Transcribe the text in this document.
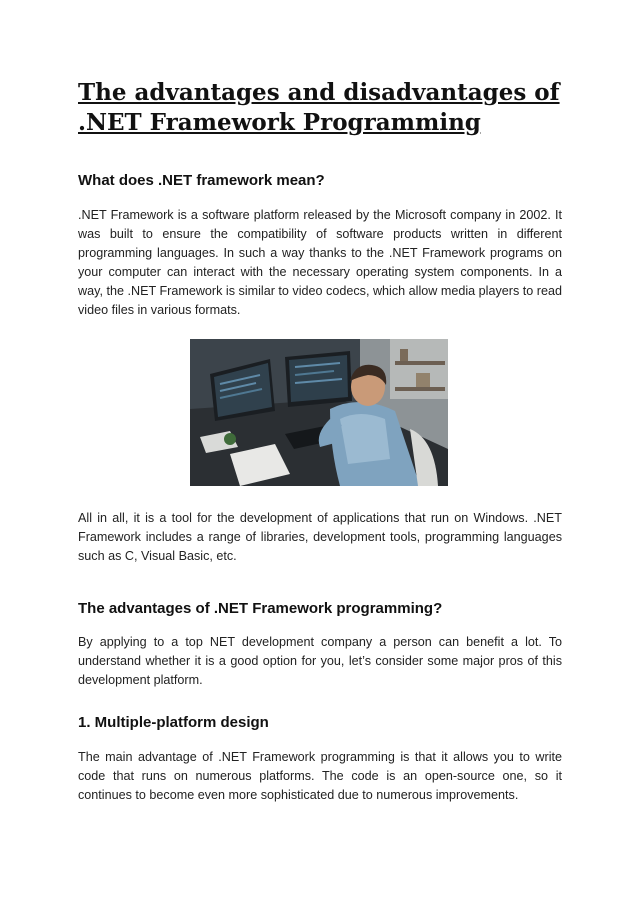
The advantages and disadvantages of
.NET Framework Programming
What does .NET framework mean?

.NET Framework is a software platform released by the Microsoft company in 2002. It was built to ensure the compatibility of software products written in different programming languages. In such a way thanks to the .NET Framework programs on your computer can interact with the necessary operating system components. In a way, the .NET Framework is similar to video codecs, which allow media players to read video files in various formats.

All in all, it is a tool for the development of applications that run on Windows. .NET Framework includes a range of libraries, development tools, programming languages such as C, Visual Basic, etc.

The advantages of .NET Framework programming?

By applying to a top NET development company a person can benefit a lot. To understand whether it is a good option for you, let’s consider some major pros of this development platform.

1. Multiple-platform design

The main advantage of .NET Framework programming is that it allows you to write code that runs on numerous platforms. The code is an open-source one, so it continues to become even more sophisticated due to numerous improvements.
